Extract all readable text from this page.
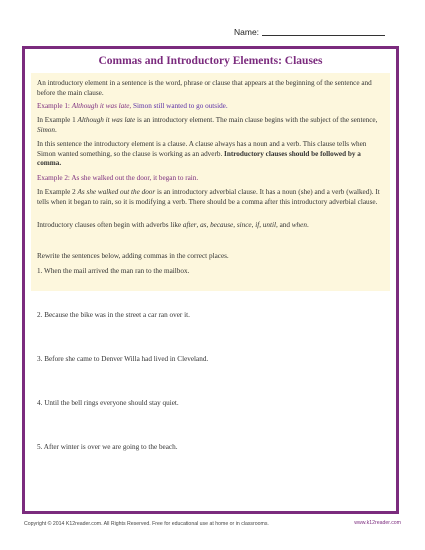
Name:
Commas and Introductory Elements: Clauses

An introductory element in a sentence is the word, phrase or clause that appears at the beginning of the sentence and before the main clause.

Example 1: Although it was late, Simon still wanted to go outside.

In Example 1 Although it was late is an introductory element. The main clause begins with the subject of the sentence, Simon.

In this sentence the introductory element is a clause. A clause always has a noun and a verb. This clause tells when Simon wanted something, so the clause is working as an adverb. Introductory clauses should be followed by a comma.

Example 2: As she walked out the door, it began to rain.

In Example 2 As she walked out the door is an introductory adverbial clause. It has a noun (she) and a verb (walked). It tells when it began to rain, so it is modifying a verb. There should be a comma after this introductory adverbial clause.

Introductory clauses often begin with adverbs like after, as, because, since, if, until, and when.

Rewrite the sentences below, adding commas in the correct places.
1. When the mail arrived the man ran to the mailbox.
2. Because the bike was in the street a car ran over it.
3. Before she came to Denver Willa had lived in Cleveland.
4. Until the bell rings everyone should stay quiet.
5. After winter is over we are going to the beach.
Copyright © 2014 K12reader.com. All Rights Reserved. Free for educational use at home or in classrooms.	www.k12reader.com
